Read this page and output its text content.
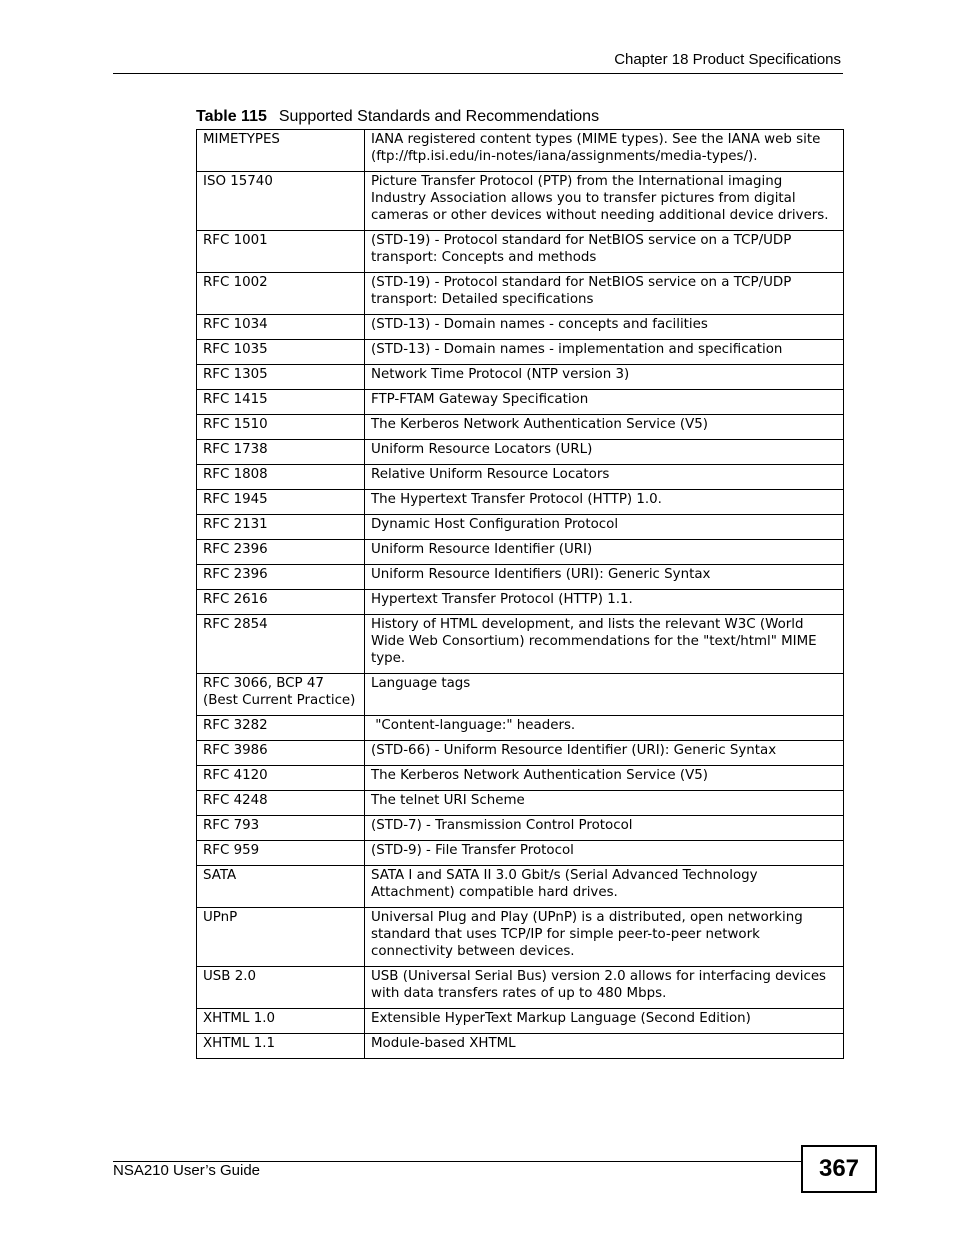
Chapter 18 Product Specifications
Table 115 Supported Standards and Recommendations
MIMETYPES	IANA registered content types (MIME types). See the IANA web site (ftp://ftp.isi.edu/in-notes/iana/assignments/media-types/).
ISO 15740	Picture Transfer Protocol (PTP) from the International imaging Industry Association allows you to transfer pictures from digital cameras or other devices without needing additional device drivers.
RFC 1001	(STD-19) - Protocol standard for NetBIOS service on a TCP/UDP transport: Concepts and methods
RFC 1002	(STD-19) - Protocol standard for NetBIOS service on a TCP/UDP transport: Detailed specifications
RFC 1034	(STD-13) - Domain names - concepts and facilities
RFC 1035	(STD-13) - Domain names - implementation and specification
RFC 1305	Network Time Protocol (NTP version 3)
RFC 1415	FTP-FTAM Gateway Specification
RFC 1510	The Kerberos Network Authentication Service (V5)
RFC 1738	Uniform Resource Locators (URL)
RFC 1808	Relative Uniform Resource Locators
RFC 1945	The Hypertext Transfer Protocol (HTTP) 1.0.
RFC 2131	Dynamic Host Configuration Protocol
RFC 2396	Uniform Resource Identifier (URI)
RFC 2396	Uniform Resource Identifiers (URI): Generic Syntax
RFC 2616	Hypertext Transfer Protocol (HTTP) 1.1.
RFC 2854	History of HTML development, and lists the relevant W3C (World Wide Web Consortium) recommendations for the "text/html" MIME type.
RFC 3066, BCP 47 (Best Current Practice)	Language tags
RFC 3282	"Content-language:" headers.
RFC 3986	(STD-66) - Uniform Resource Identifier (URI): Generic Syntax
RFC 4120	The Kerberos Network Authentication Service (V5)
RFC 4248	The telnet URI Scheme
RFC 793	(STD-7) - Transmission Control Protocol
RFC 959	(STD-9) - File Transfer Protocol
SATA	SATA I and SATA II 3.0 Gbit/s (Serial Advanced Technology Attachment) compatible hard drives.
UPnP	Universal Plug and Play (UPnP) is a distributed, open networking standard that uses TCP/IP for simple peer-to-peer network connectivity between devices.
USB 2.0	USB (Universal Serial Bus) version 2.0 allows for interfacing devices with data transfers rates of up to 480 Mbps.
XHTML 1.0	Extensible HyperText Markup Language (Second Edition)
XHTML 1.1	Module-based XHTML
NSA210 User’s Guide	367
